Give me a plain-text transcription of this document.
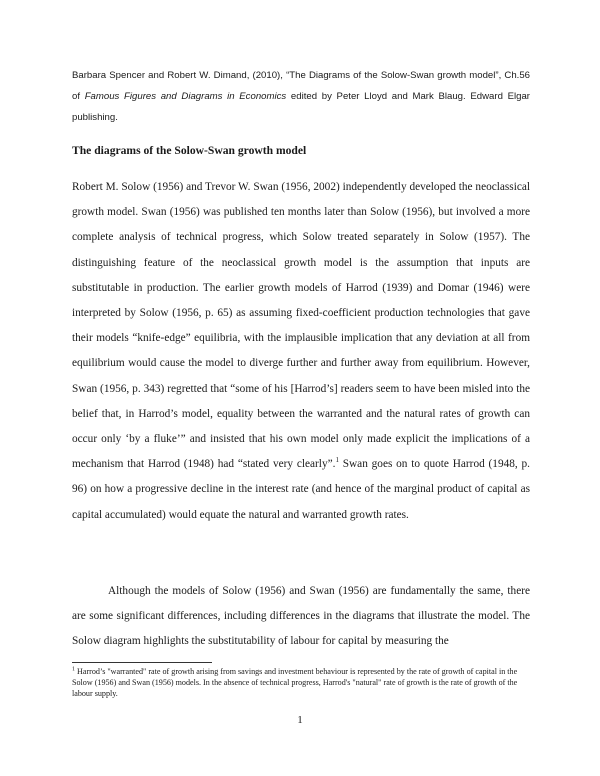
Barbara Spencer and Robert W. Dimand, (2010), “The Diagrams of the Solow-Swan growth model”, Ch.56 of Famous Figures and Diagrams in Economics edited by Peter Lloyd and Mark Blaug. Edward Elgar publishing.
The diagrams of the Solow-Swan growth model
Robert M. Solow (1956) and Trevor W. Swan (1956, 2002) independently developed the neoclassical growth model. Swan (1956) was published ten months later than Solow (1956), but involved a more complete analysis of technical progress, which Solow treated separately in Solow (1957). The distinguishing feature of the neoclassical growth model is the assumption that inputs are substitutable in production. The earlier growth models of Harrod (1939) and Domar (1946) were interpreted by Solow (1956, p. 65) as assuming fixed-coefficient production technologies that gave their models “knife-edge” equilibria, with the implausible implication that any deviation at all from equilibrium would cause the model to diverge further and further away from equilibrium. However, Swan (1956, p. 343) regretted that “some of his [Harrod’s] readers seem to have been misled into the belief that, in Harrod’s model, equality between the warranted and the natural rates of growth can occur only ‘by a fluke’” and insisted that his own model only made explicit the implications of a mechanism that Harrod (1948) had “stated very clearly”.$^1$ Swan goes on to quote Harrod (1948, p. 96) on how a progressive decline in the interest rate (and hence of the marginal product of capital as capital accumulated) would equate the natural and warranted growth rates.
Although the models of Solow (1956) and Swan (1956) are fundamentally the same, there are some significant differences, including differences in the diagrams that illustrate the model. The Solow diagram highlights the substitutability of labour for capital by measuring the
$^1$ Harrod’s "warranted" rate of growth arising from savings and investment behaviour is represented by the rate of growth of capital in the Solow (1956) and Swan (1956) models. In the absence of technical progress, Harrod's "natural" rate of growth is the rate of growth of the labour supply.
1
